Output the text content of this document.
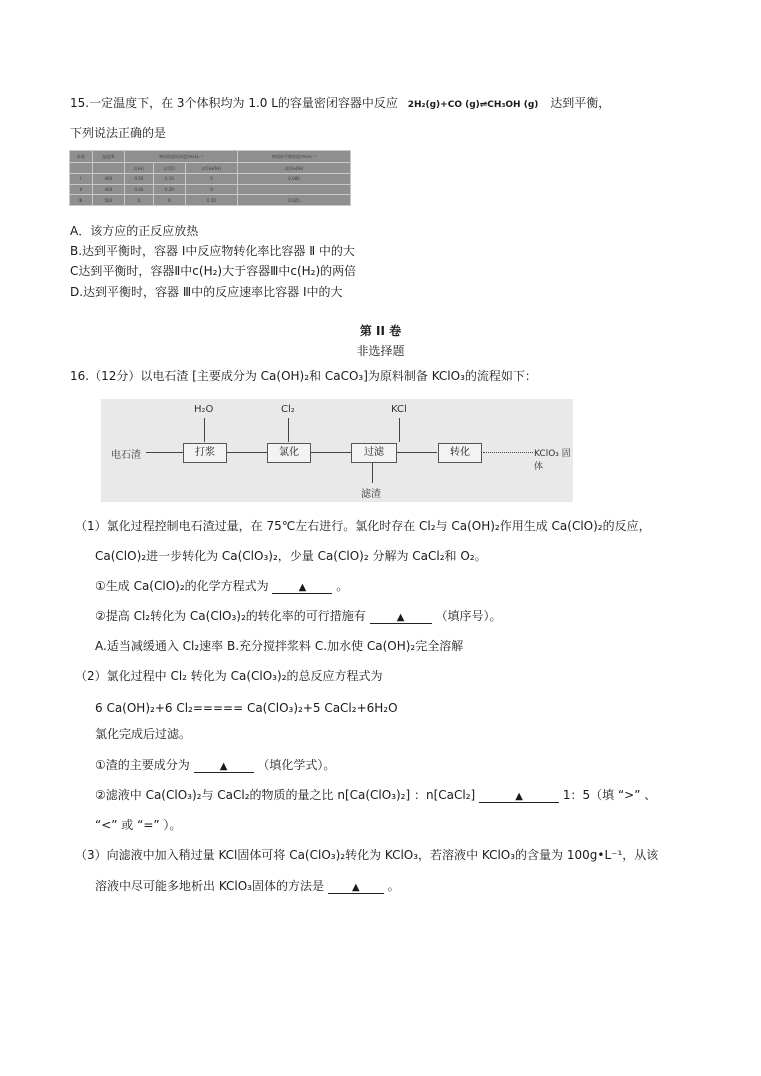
15.一定温度下，在 3个体积均为 1.0 L的容量密闭容器中反应 2H₂(g)+CO (g)⇌CH₃OH (g) 达到平衡，
下列说法正确的是
容器	温度/K	物质的起始浓度/mol·L⁻¹			物质的平衡浓度/mol·L⁻¹
		c(H₂)	c(CO)	c(CH₃OH)	c(CH₃OH)
Ⅰ	400	0.20	0.10	0	0.080
Ⅱ	400	0.40	0.20	0	
Ⅲ	500	0	0	0.10	0.025
A．该方应的正反应放热
B.达到平衡时，容器 Ⅰ中反应物转化率比容器 Ⅱ 中的大
C达到平衡时，容器Ⅱ中c(H₂)大于容器Ⅲ中c(H₂)的两倍
D.达到平衡时，容器 Ⅲ中的反应速率比容器 Ⅰ中的大
第 II 卷
非选择题
16.（12分）以电石渣 [主要成分为 Ca(OH)₂和 CaCO₃]为原料制备 KClO₃的流程如下：
电石渣	打浆	氯化	过滤	转化	KClO₃ 固体
H₂O	Cl₂	KCl
滤渣
（1）氯化过程控制电石渣过量，在 75℃左右进行。氯化时存在 Cl₂与 Ca(OH)₂作用生成 Ca(ClO)₂的反应，
Ca(ClO)₂进一步转化为 Ca(ClO₃)₂，少量 Ca(ClO)₂ 分解为 CaCl₂和 O₂。
①生成 Ca(ClO)₂的化学方程式为	▲ 。
②提高 Cl₂转化为 Ca(ClO₃)₂的转化率的可行措施有	▲	（填序号）。
A.适当减缓通入 Cl₂速率 B.充分搅拌浆料 C.加水使 Ca(OH)₂完全溶解
（2）氯化过程中 Cl₂ 转化为 Ca(ClO₃)₂的总反应方程式为
6 Ca(OH)₂+6 Cl₂===== Ca(ClO₃)₂+5 CaCl₂+6H₂O
氯化完成后过滤。
①渣的主要成分为	▲ （填化学式）。
②滤液中 Ca(ClO₃)₂与 CaCl₂的物质的量之比 n[Ca(ClO₃)₂] ：n[CaCl₂]	▲	1：5（填 “>” 、
“<” 或 “=” ）。
（3）向滤液中加入稍过量 KCl固体可将 Ca(ClO₃)₂转化为 KClO₃，若溶液中 KClO₃的含量为 100g•L⁻¹，从该
溶液中尽可能多地析出 KClO₃固体的方法是	▲ 。
